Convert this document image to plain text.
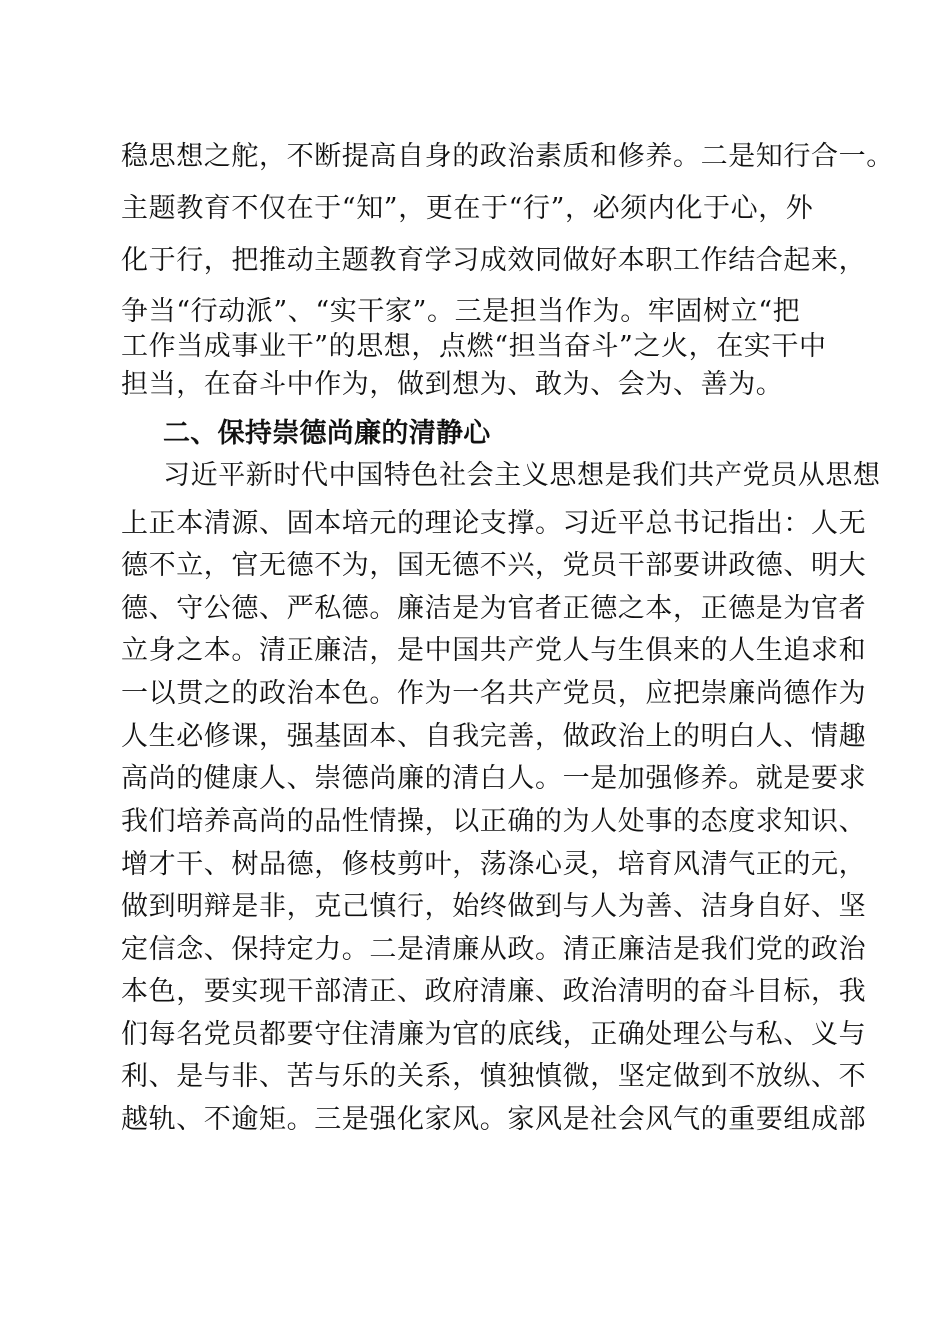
稳思想之舵，不断提高自身的政治素质和修养。二是知行合一。
主题教育不仅在于“知”，更在于“行”，必须内化于心，外
化于行，把推动主题教育学习成效同做好本职工作结合起来，
争当“行动派”、“实干家”。三是担当作为。牢固树立“把
工作当成事业干”的思想，点燃“担当奋斗”之火，在实干中
担当，在奋斗中作为，做到想为、敢为、会为、善为。
二、保持崇德尚廉的清静心
习近平新时代中国特色社会主义思想是我们共产党员从思想
上正本清源、固本培元的理论支撑。习近平总书记指出：人无
德不立，官无德不为，国无德不兴，党员干部要讲政德、明大
德、守公德、严私德。廉洁是为官者正德之本，正德是为官者
立身之本。清正廉洁，是中国共产党人与生俱来的人生追求和
一以贯之的政治本色。作为一名共产党员，应把崇廉尚德作为
人生必修课，强基固本、自我完善，做政治上的明白人、情趣
高尚的健康人、崇德尚廉的清白人。一是加强修养。就是要求
我们培养高尚的品性情操，以正确的为人处事的态度求知识、
增才干、树品德，修枝剪叶，荡涤心灵，培育风清气正的元，
做到明辩是非，克己慎行，始终做到与人为善、洁身自好、坚
定信念、保持定力。二是清廉从政。清正廉洁是我们党的政治
本色，要实现干部清正、政府清廉、政治清明的奋斗目标，我
们每名党员都要守住清廉为官的底线，正确处理公与私、义与
利、是与非、苦与乐的关系，慎独慎微，坚定做到不放纵、不
越轨、不逾矩。三是强化家风。家风是社会风气的重要组成部
